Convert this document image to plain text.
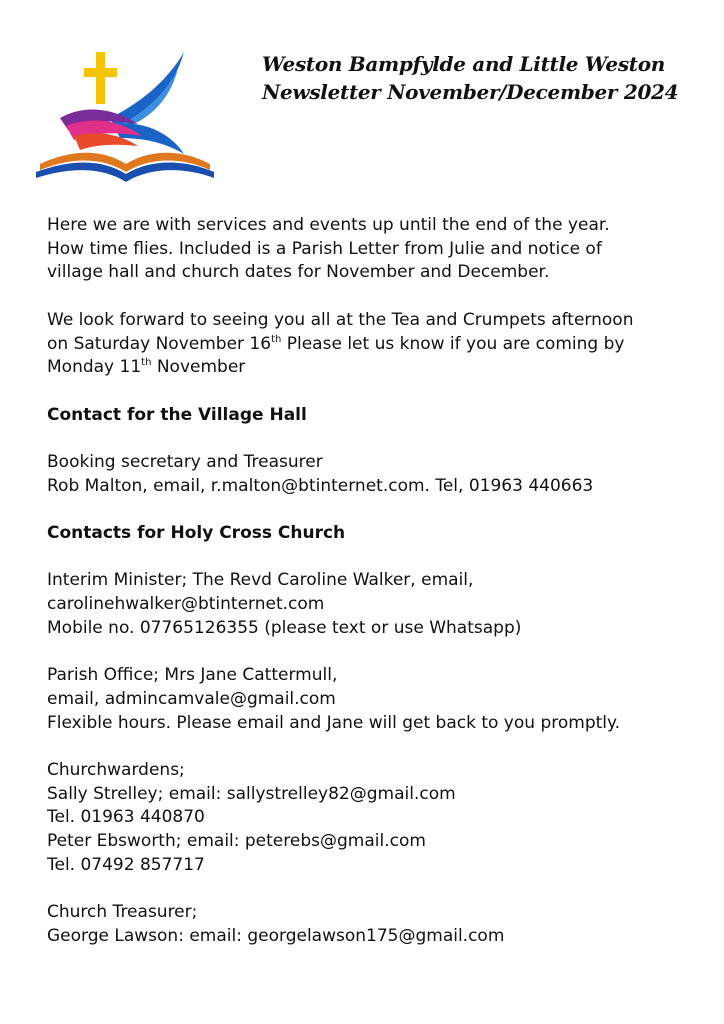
Weston Bampfylde and Little Weston
Newsletter November/December 2024

Here we are with services and events up until the end of the year.

How time flies. Included is a Parish Letter from Julie and notice of

village hall and church dates for November and December.

We look forward to seeing you all at the Tea and Crumpets afternoon

on Saturday November 16th Please let us know if you are coming by

Monday 11th November

Contact for the Village Hall

Booking secretary and Treasurer

Rob Malton, email, r.malton@btinternet.com. Tel, 01963 440663

Contacts for Holy Cross Church

Interim Minister; The Revd Caroline Walker, email,

carolinehwalker@btinternet.com

Mobile no. 07765126355 (please text or use Whatsapp)

Parish Office; Mrs Jane Cattermull,

email, admincamvale@gmail.com

Flexible hours. Please email and Jane will get back to you promptly.

Churchwardens;

Sally Strelley; email: sallystrelley82@gmail.com

Tel. 01963 440870

Peter Ebsworth; email: peterebs@gmail.com

Tel. 07492 857717

Church Treasurer;

George Lawson: email: georgelawson175@gmail.com
